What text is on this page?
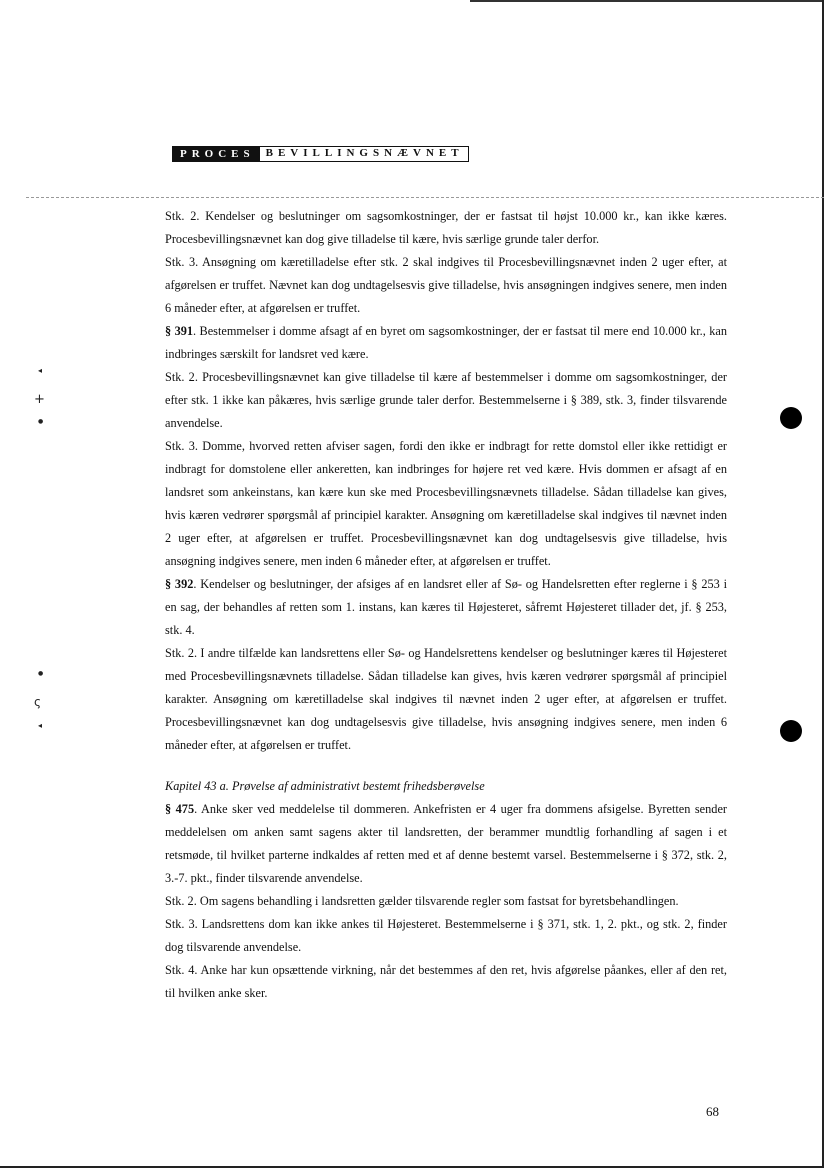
PROCES	BEVILLINGSNÆVNET
◂
+
●
●
ς
◂

Stk. 2. Kendelser og beslutninger om sagsomkostninger, der er fastsat til højst 10.000 kr., kan ikke kæres. Procesbevillingsnævnet kan dog give tilladelse til kære, hvis særlige grunde taler derfor.

Stk. 3. Ansøgning om kæretilladelse efter stk. 2 skal indgives til Procesbevillingsnævnet inden 2 uger efter, at afgørelsen er truffet. Nævnet kan dog undtagelsesvis give tilladelse, hvis ansøgningen indgives senere, men inden 6 måneder efter, at afgørelsen er truffet.

§ 391. Bestemmelser i domme afsagt af en byret om sagsomkostninger, der er fastsat til mere end 10.000 kr., kan indbringes særskilt for landsret ved kære.

Stk. 2. Procesbevillingsnævnet kan give tilladelse til kære af bestemmelser i domme om sagsomkostninger, der efter stk. 1 ikke kan påkæres, hvis særlige grunde taler derfor. Bestemmelserne i § 389, stk. 3, finder tilsvarende anvendelse.

Stk. 3. Domme, hvorved retten afviser sagen, fordi den ikke er indbragt for rette domstol eller ikke rettidigt er indbragt for domstolene eller ankeretten, kan indbringes for højere ret ved kære. Hvis dommen er afsagt af en landsret som ankeinstans, kan kære kun ske med Procesbevillingsnævnets tilladelse. Sådan tilladelse kan gives, hvis kæren vedrører spørgsmål af principiel karakter. Ansøgning om kæretilladelse skal indgives til nævnet inden 2 uger efter, at afgørelsen er truffet. Procesbevillingsnævnet kan dog undtagelsesvis give tilladelse, hvis ansøgning indgives senere, men inden 6 måneder efter, at afgørelsen er truffet.

§ 392. Kendelser og beslutninger, der afsiges af en landsret eller af Sø- og Handelsretten efter reglerne i § 253 i en sag, der behandles af retten som 1. instans, kan kæres til Højesteret, såfremt Højesteret tillader det, jf. § 253, stk. 4.

Stk. 2. I andre tilfælde kan landsrettens eller Sø- og Handelsrettens kendelser og beslutninger kæres til Højesteret med Procesbevillingsnævnets tilladelse. Sådan tilladelse kan gives, hvis kæren vedrører spørgsmål af principiel karakter. Ansøgning om kæretilladelse skal indgives til nævnet inden 2 uger efter, at afgørelsen er truffet. Procesbevillingsnævnet kan dog undtagelsesvis give tilladelse, hvis ansøgning indgives senere, men inden 6 måneder efter, at afgørelsen er truffet.

Kapitel 43 a. Prøvelse af administrativt bestemt frihedsberøvelse

§ 475. Anke sker ved meddelelse til dommeren. Ankefristen er 4 uger fra dommens afsigelse. Byretten sender meddelelsen om anken samt sagens akter til landsretten, der berammer mundtlig forhandling af sagen i et retsmøde, til hvilket parterne indkaldes af retten med et af denne bestemt varsel. Bestemmelserne i § 372, stk. 2, 3.-7. pkt., finder tilsvarende anvendelse.

Stk. 2. Om sagens behandling i landsretten gælder tilsvarende regler som fastsat for byretsbehandlingen.

Stk. 3. Landsrettens dom kan ikke ankes til Højesteret. Bestemmelserne i § 371, stk. 1, 2. pkt., og stk. 2, finder dog tilsvarende anvendelse.

Stk. 4. Anke har kun opsættende virkning, når det bestemmes af den ret, hvis afgørelse påankes, eller af den ret, til hvilken anke sker.

68
